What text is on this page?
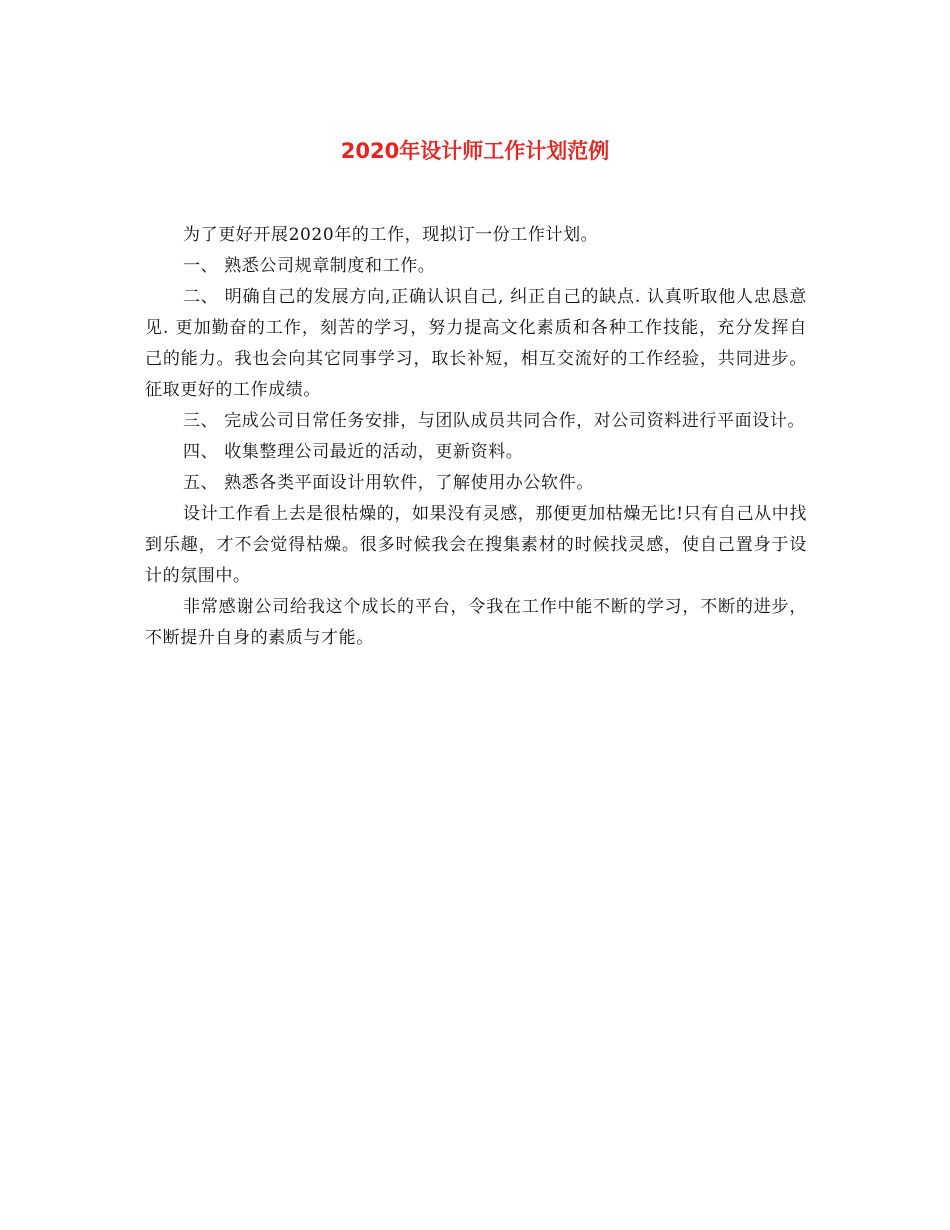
2020年设计师工作计划范例

为了更好开展2020年的工作，现拟订一份工作计划。

一、 熟悉公司规章制度和工作。

二、 明确自己的发展方向,正确认识自己, 纠正自己的缺点. 认真听取他人忠恳意见. 更加勤奋的工作，刻苦的学习，努力提高文化素质和各种工作技能，充分发挥自己的能力。我也会向其它同事学习，取长补短，相互交流好的工作经验，共同进步。征取更好的工作成绩。

三、 完成公司日常任务安排，与团队成员共同合作，对公司资料进行平面设计。

四、 收集整理公司最近的活动，更新资料。

五、 熟悉各类平面设计用软件，了解使用办公软件。

设计工作看上去是很枯燥的，如果没有灵感，那便更加枯燥无比!只有自己从中找到乐趣，才不会觉得枯燥。很多时候我会在搜集素材的时候找灵感，使自己置身于设计的氛围中。

非常感谢公司给我这个成长的平台，令我在工作中能不断的学习，不断的进步，不断提升自身的素质与才能。
